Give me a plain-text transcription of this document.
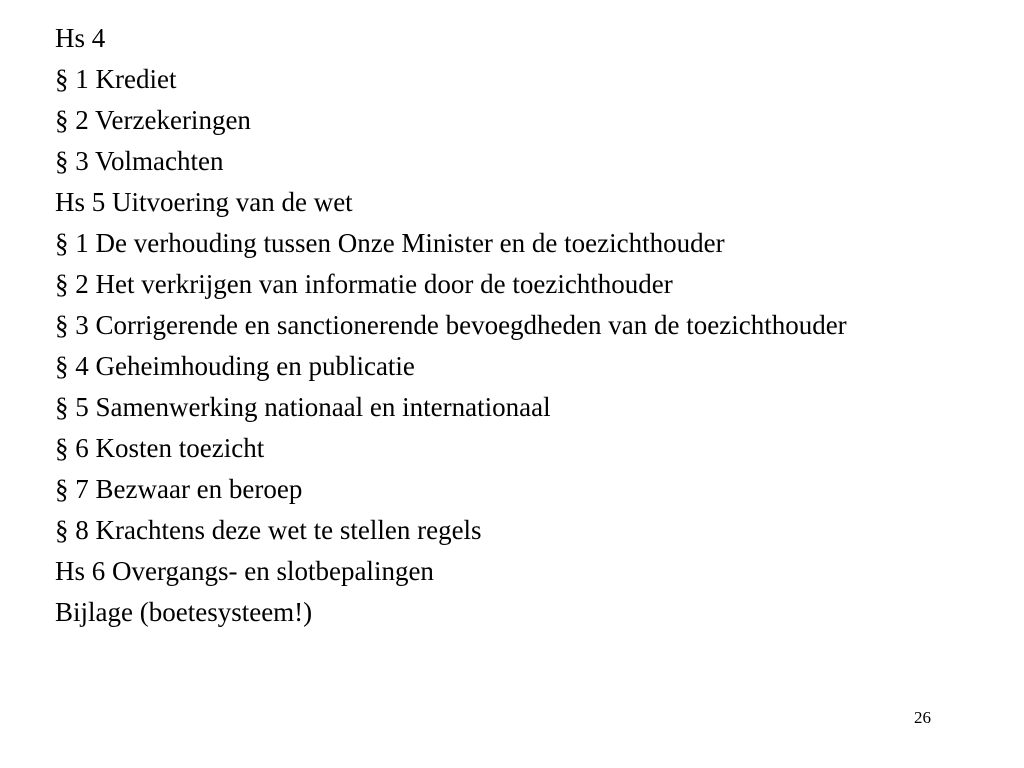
Hs 4
§ 1 Krediet
§ 2 Verzekeringen
§ 3 Volmachten
Hs 5 Uitvoering van de wet
§ 1 De verhouding tussen Onze Minister en de toezichthouder
§ 2 Het verkrijgen van informatie door de toezichthouder
§ 3 Corrigerende en sanctionerende bevoegdheden van de toezichthouder
§ 4 Geheimhouding en publicatie
§ 5 Samenwerking nationaal en internationaal
§ 6 Kosten toezicht
§ 7 Bezwaar en beroep
§ 8 Krachtens deze wet te stellen regels
Hs 6 Overgangs- en slotbepalingen
Bijlage (boetesysteem!)
26
